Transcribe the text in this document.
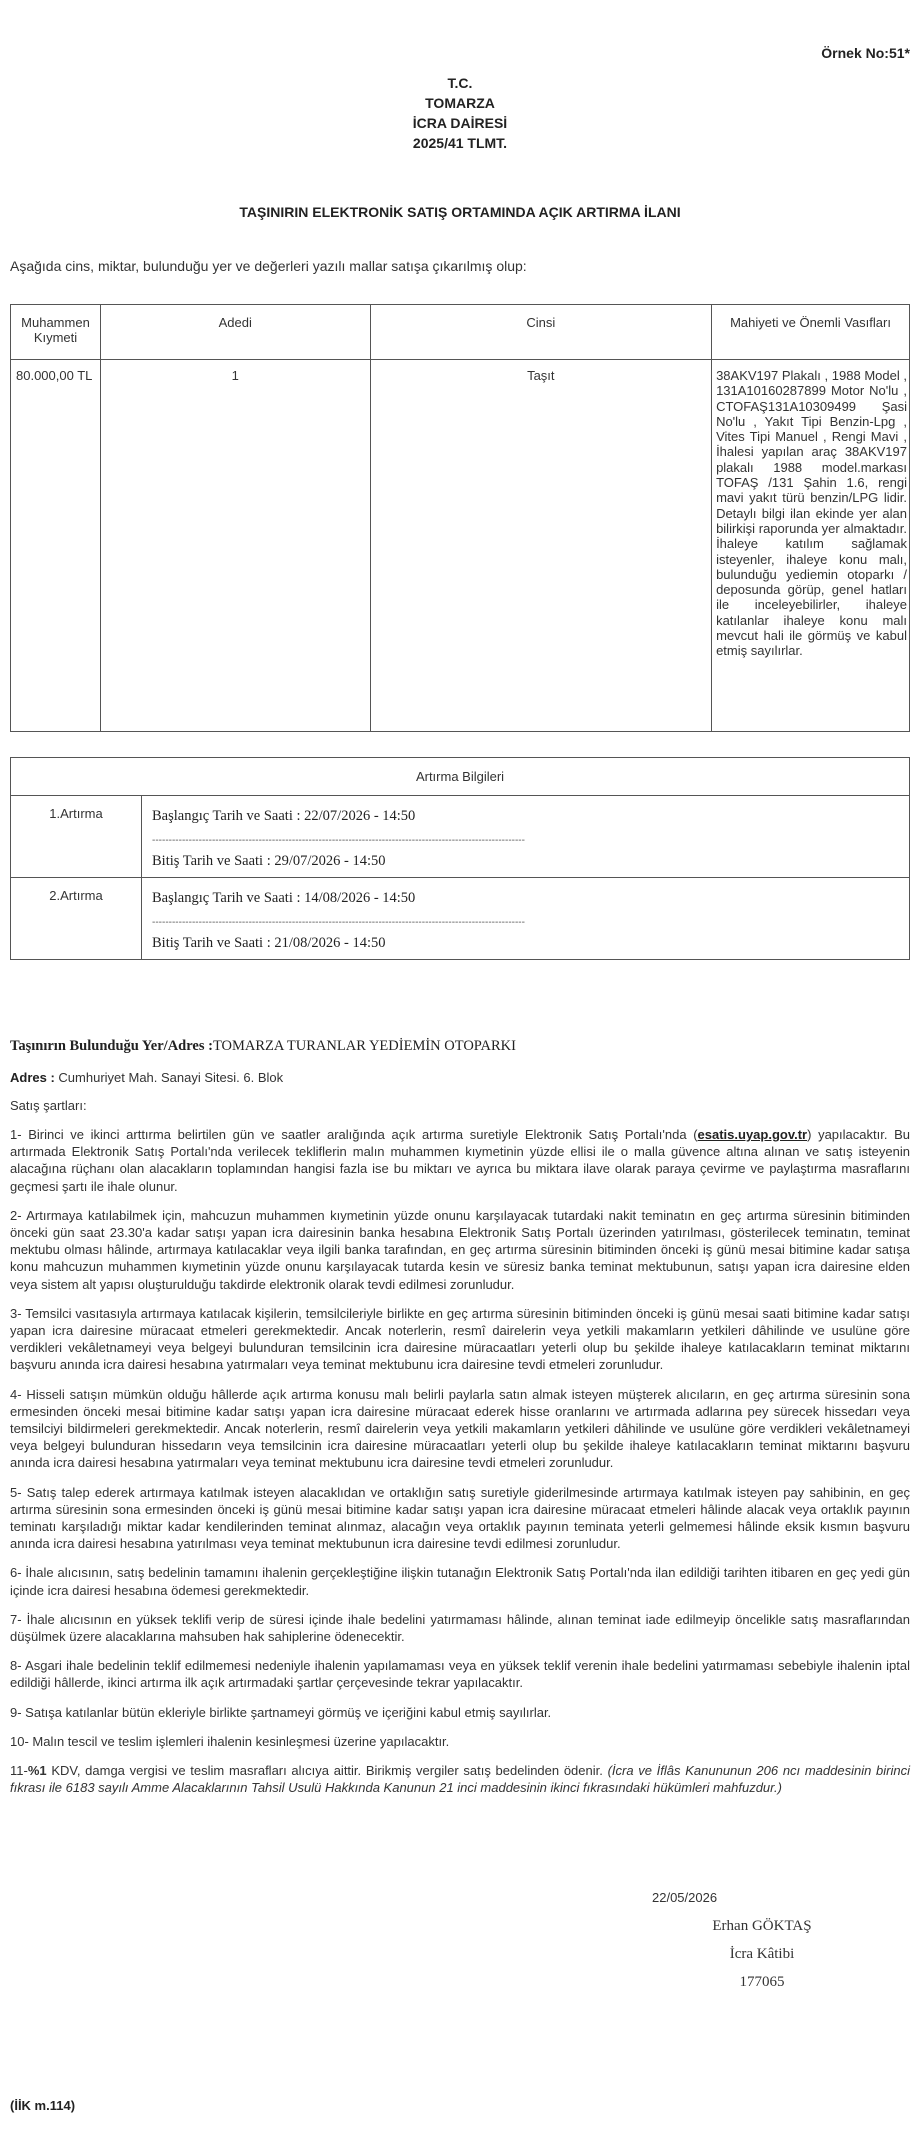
Örnek No:51*
T.C.
TOMARZA
İCRA DAİRESİ
2025/41 TLMT.
TAŞINIRIN ELEKTRONİK SATIŞ ORTAMINDA AÇIK ARTIRMA İLANI
Aşağıda cins, miktar, bulunduğu yer ve değerleri yazılı mallar satışa çıkarılmış olup:
Muhammen Kıymeti	Adedi	Cinsi	Mahiyeti ve Önemli Vasıfları
80.000,00 TL	1	Taşıt	38AKV197 Plakalı , 1988 Model , 131A10160287899 Motor No'lu , CTOFAŞ131A10309499 Şasi No'lu , Yakıt Tipi Benzin-Lpg , Vites Tipi Manuel , Rengi Mavi , İhalesi yapılan araç 38AKV197 plakalı 1988 model.markası TOFAŞ /131 Şahin 1.6, rengi mavi yakıt türü benzin/LPG lidir. Detaylı bilgi ilan ekinde yer alan bilirkişi raporunda yer almaktadır. İhaleye katılım sağlamak isteyenler, ihaleye konu malı, bulunduğu yediemin otoparkı / deposunda görüp, genel hatları ile inceleyebilirler, ihaleye katılanlar ihaleye konu malı mevcut hali ile görmüş ve kabul etmiş sayılırlar.
Artırma Bilgileri	
1.Artırma	Başlangıç Tarih ve Saati : 22/07/2026 - 14:50
----------------------------------------------------------------------------------------------------------------
Bitiş Tarih ve Saati : 29/07/2026 - 14:50

2.Artırma	Başlangıç Tarih ve Saati : 14/08/2026 - 14:50
----------------------------------------------------------------------------------------------------------------
Bitiş Tarih ve Saati : 21/08/2026 - 14:50
Taşınırın Bulunduğu Yer/Adres :TOMARZA TURANLAR YEDİEMİN OTOPARKI
Adres : Cumhuriyet Mah. Sanayi Sitesi. 6. Blok
Satış şartları:

1- Birinci ve ikinci arttırma belirtilen gün ve saatler aralığında açık artırma suretiyle Elektronik Satış Portalı'nda (esatis.uyap.gov.tr) yapılacaktır. Bu artırmada Elektronik Satış Portalı'nda verilecek tekliflerin malın muhammen kıymetinin yüzde ellisi ile o malla güvence altına alınan ve satış isteyenin alacağına rüçhanı olan alacakların toplamından hangisi fazla ise bu miktarı ve ayrıca bu miktara ilave olarak paraya çevirme ve paylaştırma masraflarını geçmesi şartı ile ihale olunur.

2- Artırmaya katılabilmek için, mahcuzun muhammen kıymetinin yüzde onunu karşılayacak tutardaki nakit teminatın en geç artırma süresinin bitiminden önceki gün saat 23.30'a kadar satışı yapan icra dairesinin banka hesabına Elektronik Satış Portalı üzerinden yatırılması, gösterilecek teminatın, teminat mektubu olması hâlinde, artırmaya katılacaklar veya ilgili banka tarafından, en geç artırma süresinin bitiminden önceki iş günü mesai bitimine kadar satışa konu mahcuzun muhammen kıymetinin yüzde onunu karşılayacak tutarda kesin ve süresiz banka teminat mektubunun, satışı yapan icra dairesine elden veya sistem alt yapısı oluşturulduğu takdirde elektronik olarak tevdi edilmesi zorunludur.

3- Temsilci vasıtasıyla artırmaya katılacak kişilerin, temsilcileriyle birlikte en geç artırma süresinin bitiminden önceki iş günü mesai saati bitimine kadar satışı yapan icra dairesine müracaat etmeleri gerekmektedir. Ancak noterlerin, resmî dairelerin veya yetkili makamların yetkileri dâhilinde ve usulüne göre verdikleri vekâletnameyi veya belgeyi bulunduran temsilcinin icra dairesine müracaatları yeterli olup bu şekilde ihaleye katılacakların teminat miktarını başvuru anında icra dairesi hesabına yatırmaları veya teminat mektubunu icra dairesine tevdi etmeleri zorunludur.

4- Hisseli satışın mümkün olduğu hâllerde açık artırma konusu malı belirli paylarla satın almak isteyen müşterek alıcıların, en geç artırma süresinin sona ermesinden önceki mesai bitimine kadar satışı yapan icra dairesine müracaat ederek hisse oranlarını ve artırmada adlarına pey sürecek hissedarı veya temsilciyi bildirmeleri gerekmektedir. Ancak noterlerin, resmî dairelerin veya yetkili makamların yetkileri dâhilinde ve usulüne göre verdikleri vekâletnameyi veya belgeyi bulunduran hissedarın veya temsilcinin icra dairesine müracaatları yeterli olup bu şekilde ihaleye katılacakların teminat miktarını başvuru anında icra dairesi hesabına yatırmaları veya teminat mektubunu icra dairesine tevdi etmeleri zorunludur.

5- Satış talep ederek artırmaya katılmak isteyen alacaklıdan ve ortaklığın satış suretiyle giderilmesinde artırmaya katılmak isteyen pay sahibinin, en geç artırma süresinin sona ermesinden önceki iş günü mesai bitimine kadar satışı yapan icra dairesine müracaat etmeleri hâlinde alacak veya ortaklık payının teminatı karşıladığı miktar kadar kendilerinden teminat alınmaz, alacağın veya ortaklık payının teminata yeterli gelmemesi hâlinde eksik kısmın başvuru anında icra dairesi hesabına yatırılması veya teminat mektubunun icra dairesine tevdi edilmesi zorunludur.

6- İhale alıcısının, satış bedelinin tamamını ihalenin gerçekleştiğine ilişkin tutanağın Elektronik Satış Portalı'nda ilan edildiği tarihten itibaren en geç yedi gün içinde icra dairesi hesabına ödemesi gerekmektedir.

7- İhale alıcısının en yüksek teklifi verip de süresi içinde ihale bedelini yatırmaması hâlinde, alınan teminat iade edilmeyip öncelikle satış masraflarından düşülmek üzere alacaklarına mahsuben hak sahiplerine ödenecektir.

8- Asgari ihale bedelinin teklif edilmemesi nedeniyle ihalenin yapılamaması veya en yüksek teklif verenin ihale bedelini yatırmaması sebebiyle ihalenin iptal edildiği hâllerde, ikinci artırma ilk açık artırmadaki şartlar çerçevesinde tekrar yapılacaktır.

9- Satışa katılanlar bütün ekleriyle birlikte şartnameyi görmüş ve içeriğini kabul etmiş sayılırlar.

10- Malın tescil ve teslim işlemleri ihalenin kesinleşmesi üzerine yapılacaktır.

11-%1 KDV, damga vergisi ve teslim masrafları alıcıya aittir. Birikmiş vergiler satış bedelinden ödenir. (İcra ve İflâs Kanununun 206 ncı maddesinin birinci fıkrası ile 6183 sayılı Amme Alacaklarının Tahsil Usulü Hakkında Kanunun 21 inci maddesinin ikinci fıkrasındaki hükümleri mahfuzdur.)

22/05/2026
Erhan GÖKTAŞ
İcra Kâtibi
177065
(İİK m.114)
